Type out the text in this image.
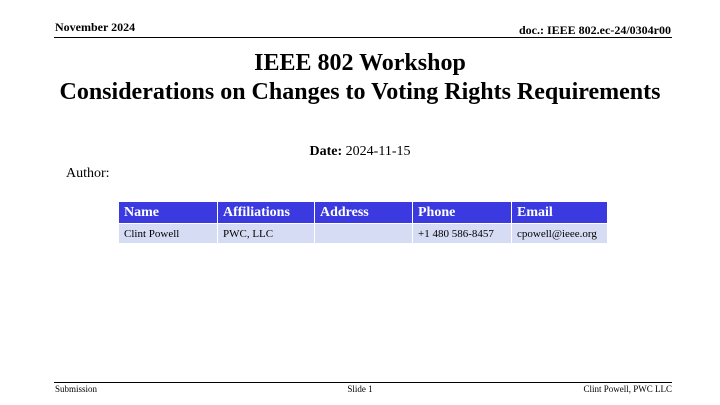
November 2024	doc.: IEEE 802.ec-24/0304r00
IEEE 802 Workshop
Considerations on Changes to Voting Rights Requirements
Date: 2024-11-15
Author:
Name	Affiliations	Address	Phone	Email
Clint Powell	PWC, LLC		+1 480 586-8457	cpowell@ieee.org
Submission	Slide 1	Clint Powell, PWC LLC
